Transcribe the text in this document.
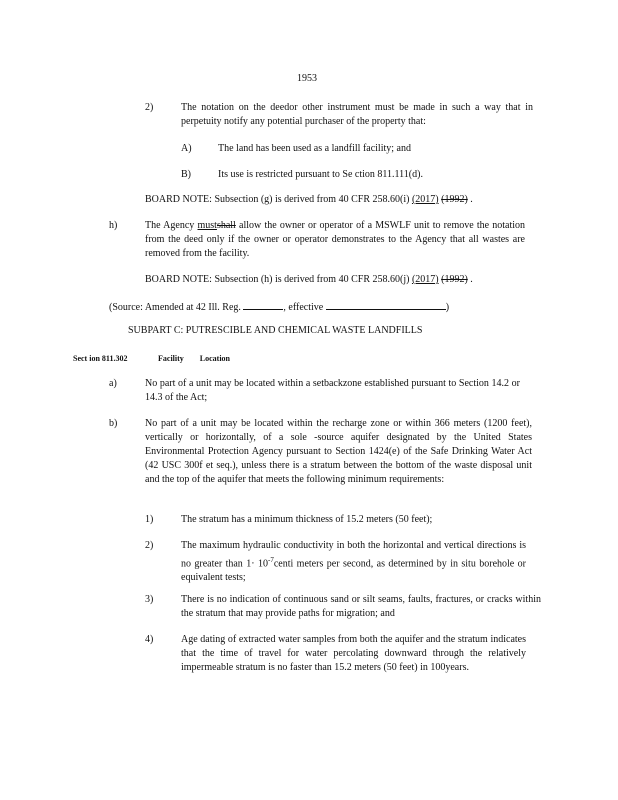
1953
2)	The notation on the deedor other instrument must be made in such a way that in perpetuity notify any potential purchaser of the property that:
A)	The land has been used as a landfill facility; and
B)	Its use is restricted pursuant to Se ction 811.111(d).
BOARD NOTE: Subsection (g) is derived from 40 CFR 258.60(i) (2017) (1992) .
h)	The Agency mustshall allow the owner or operator of a MSWLF unit to remove the notation from the deed only if the owner or operator demonstrates to the Agency that all wastes are removed from the facility.
BOARD NOTE: Subsection (h) is derived from 40 CFR 258.60(j) (2017) (1992) .
(Source: Amended at 42 Ill. Reg.	, effective	)
SUBPART C: PUTRESCIBLE AND CHEMICAL WASTE LANDFILLS
Sect ion 811.302	Facility Location
a)	No part of a unit may be located within a setbackzone established pursuant to Section 14.2 or 14.3 of the Act;
b)	No part of a unit may be located within the recharge zone or within 366 meters (1200 feet), vertically or horizontally, of a sole -source aquifer designated by the United States Environmental Protection Agency pursuant to Section 1424(e) of the Safe Drinking Water Act (42 USC 300f et seq.), unless there is a stratum between the bottom of the waste disposal unit and the top of the aquifer that meets the following minimum requirements:
1)	The stratum has a minimum thickness of 15.2 meters (50 feet);
2)	The maximum hydraulic conductivity in both the horizontal and vertical directions is no greater than $1\cdot 10^{-7}centi$ meters per second, as determined by in situ borehole or equivalent tests;
3)	There is no indication of continuous sand or silt seams, faults, fractures, or cracks within the stratum that may provide paths for migration; and
4)	Age dating of extracted water samples from both the aquifer and the stratum indicates that the time of travel for water percolating downward through the relatively impermeable stratum is no faster than 15.2 meters (50 feet) in 100years.
